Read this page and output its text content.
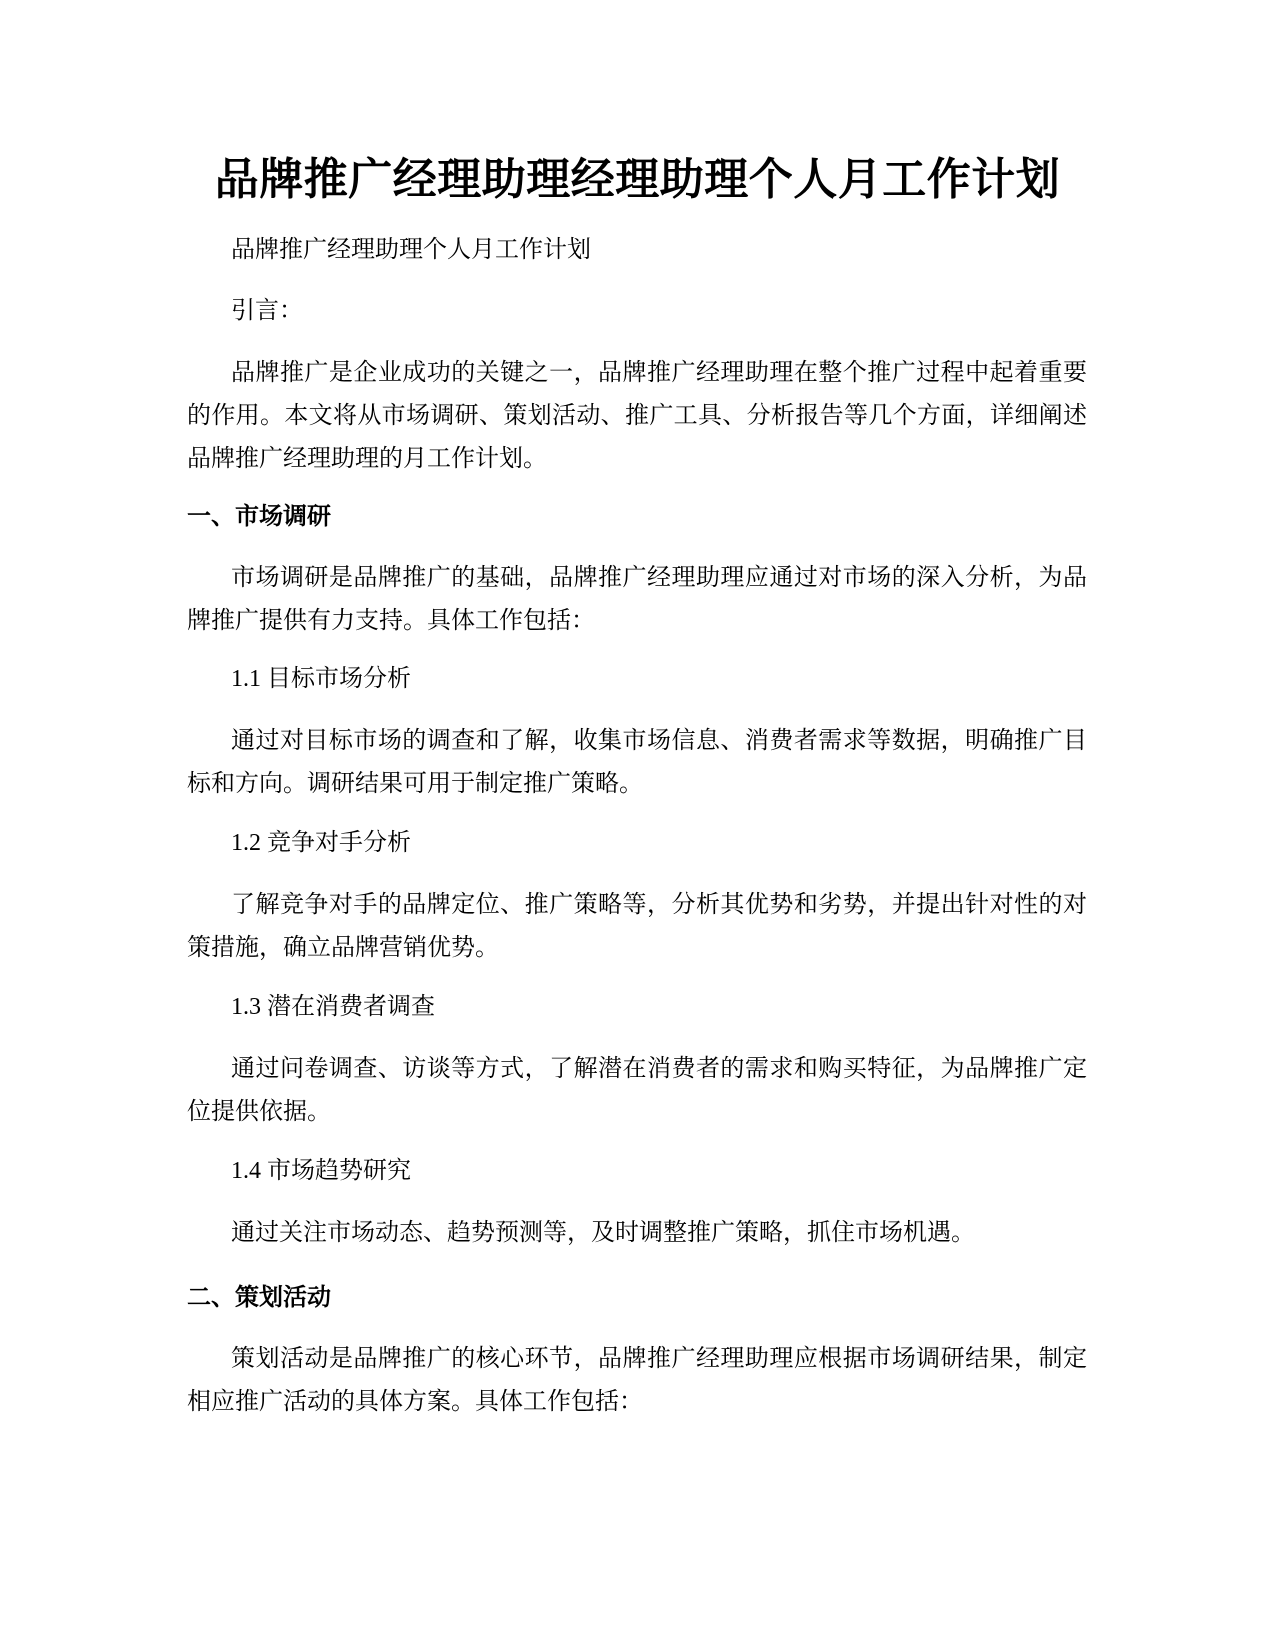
品牌推广经理助理经理助理个人月工作计划

品牌推广经理助理个人月工作计划

引言：

品牌推广是企业成功的关键之一，品牌推广经理助理在整个推广过程中起着重要的作用。本文将从市场调研、策划活动、推广工具、分析报告等几个方面，详细阐述品牌推广经理助理的月工作计划。

一、市场调研

市场调研是品牌推广的基础，品牌推广经理助理应通过对市场的深入分析，为品牌推广提供有力支持。具体工作包括：

1.1 目标市场分析

通过对目标市场的调查和了解，收集市场信息、消费者需求等数据，明确推广目标和方向。调研结果可用于制定推广策略。

1.2 竞争对手分析

了解竞争对手的品牌定位、推广策略等，分析其优势和劣势，并提出针对性的对策措施，确立品牌营销优势。

1.3 潜在消费者调查

通过问卷调查、访谈等方式，了解潜在消费者的需求和购买特征，为品牌推广定位提供依据。

1.4 市场趋势研究

通过关注市场动态、趋势预测等，及时调整推广策略，抓住市场机遇。

二、策划活动

策划活动是品牌推广的核心环节，品牌推广经理助理应根据市场调研结果，制定相应推广活动的具体方案。具体工作包括：
